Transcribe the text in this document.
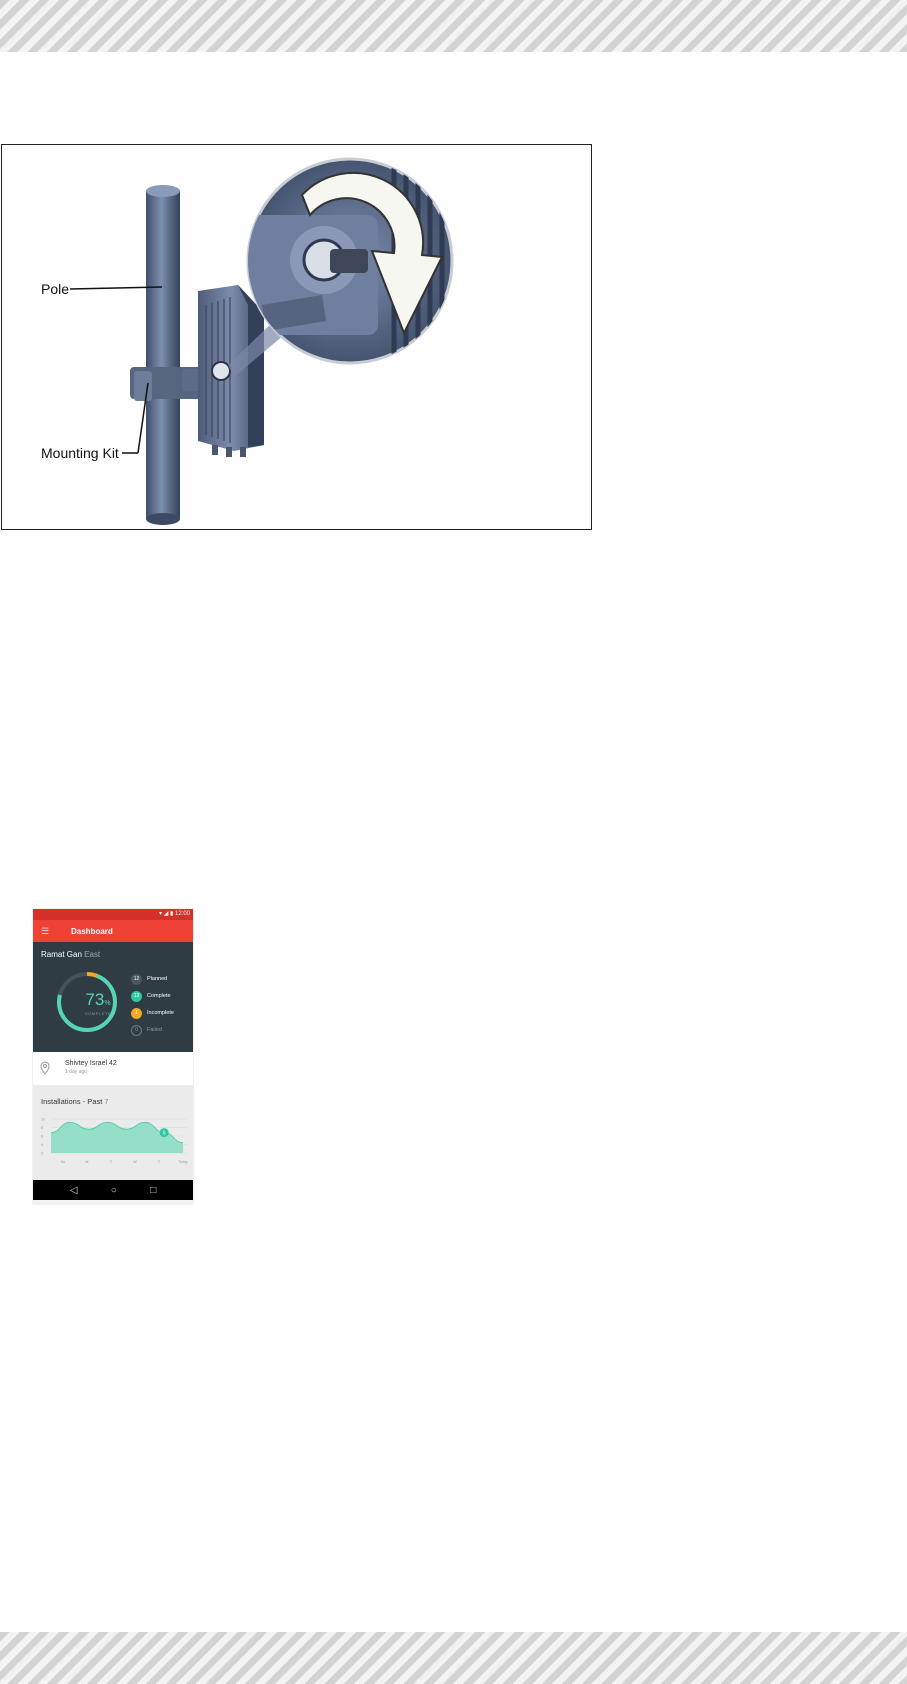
Pole
Mounting Kit
▾ ◢ ▮ 12:00
☰	Dashboard
Ramat Gan East
73%
COMPLETE
12	Planned
13	Complete
1	Incomplete
0	Failed
Shivtey Israel 42
1 day ago
Installations - Past 7
10
8
6
4
2
Su	M	T	W	T	Today
6
◁	○	□
